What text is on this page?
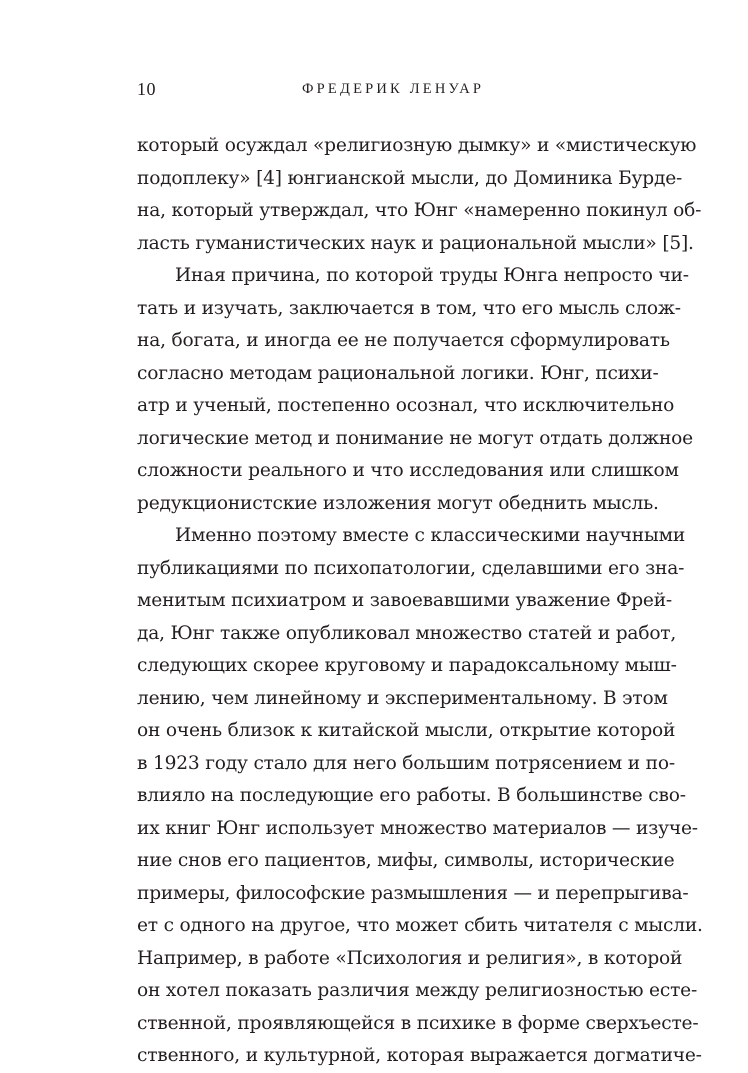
10	ФРЕДЕРИК ЛЕНУАР
который осуждал «религиозную дымку» и «мистическую
подоплеку» [4] юнгианской мысли, до Доминика Бурде-
на, который утверждал, что Юнг «намеренно покинул об-
ласть гуманистических наук и рациональной мысли» [5].
Иная причина, по которой труды Юнга непросто чи-
тать и изучать, заключается в том, что его мысль слож-
на, богата, и иногда ее не получается сформулировать
согласно методам рациональной логики. Юнг, психи-
атр и ученый, постепенно осознал, что исключительно
логические метод и понимание не могут отдать должное
сложности реального и что исследования или слишком
редукционистские изложения могут обеднить мысль.
Именно поэтому вместе с классическими научными
публикациями по психопатологии, сделавшими его зна-
менитым психиатром и завоевавшими уважение Фрей-
да, Юнг также опубликовал множество статей и работ,
следующих скорее круговому и парадоксальному мыш-
лению, чем линейному и экспериментальному. В этом
он очень близок к китайской мысли, открытие которой
в 1923 году стало для него большим потрясением и по-
влияло на последующие его работы. В большинстве сво-
их книг Юнг использует множество материалов — изуче-
ние снов его пациентов, мифы, символы, исторические
примеры, философские размышления — и перепрыгива-
ет с одного на другое, что может сбить читателя с мысли.
Например, в работе «Психология и религия», в которой
он хотел показать различия между религиозностью есте-
ственной, проявляющейся в психике в форме сверхъесте-
ственного, и культурной, которая выражается догматиче-
